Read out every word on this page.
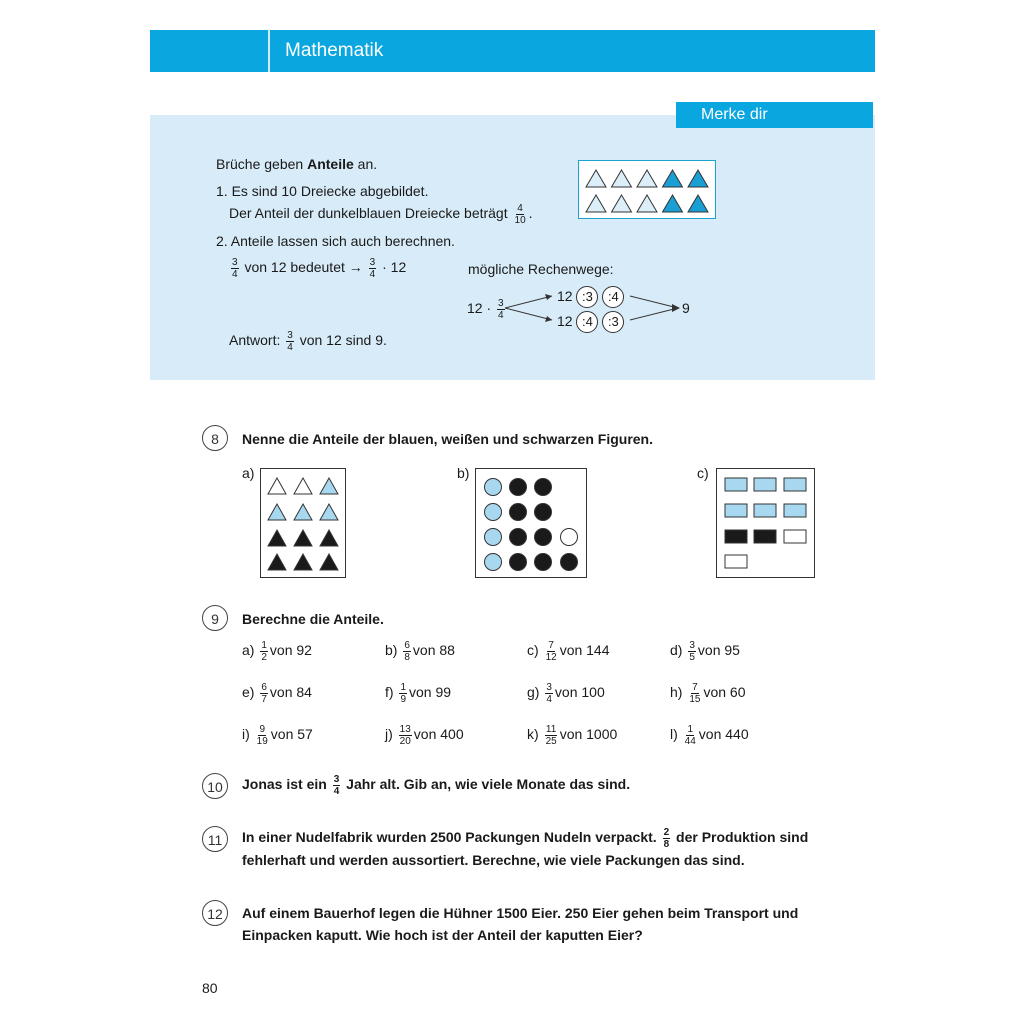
Mathematik
Merke dir
Brüche geben Anteile an.
1. Es sind 10 Dreiecke abgebildet.
Der Anteil der dunkelblauen Dreiecke beträgt $\frac{4}{10}$ .
2. Anteile lassen sich auch berechnen.
$\frac{3}{4}$ von 12 bedeutet → $\frac{3}{4} \cdot 12$	mögliche Rechenwege:
$12 \cdot \frac{3}{4}$
12 :3 :4
12 :4 :3
9
Antwort: $\frac{3}{4}$ von 12 sind 9.
8	Nenne die Anteile der blauen, weißen und schwarzen Figuren.
a)	b)	c)
9	Berechne die Anteile.
$a) \frac{1}{2}$ von 92	$b) \frac{6}{8}$ von 88	$c) \frac{7}{12}$ von 144	$d) \frac{3}{5}$ von 95
$e) \frac{6}{7}$ von 84	$f) \frac{1}{9}$ von 99	$g) \frac{3}{4}$ von 100	$h) \frac{7}{15}$ von 60
$i) \frac{9}{19}$ von 57	$j) \frac{13}{20}$ von 400	$k) \frac{11}{25}$ von 1000	$l) \frac{1}{44}$ von 440
10	Jonas ist ein $\frac{3}{4}$ Jahr alt. Gib an, wie viele Monate das sind.
11	In einer Nudelfabrik wurden 2500 Packungen Nudeln verpackt. $\frac{2}{8}$ der Produktion sind
fehlerhaft und werden aussortiert. Berechne, wie viele Packungen das sind.
12	Auf einem Bauerhof legen die Hühner 1500 Eier. 250 Eier gehen beim Transport und
Einpacken kaputt. Wie hoch ist der Anteil der kaputten Eier?
80
